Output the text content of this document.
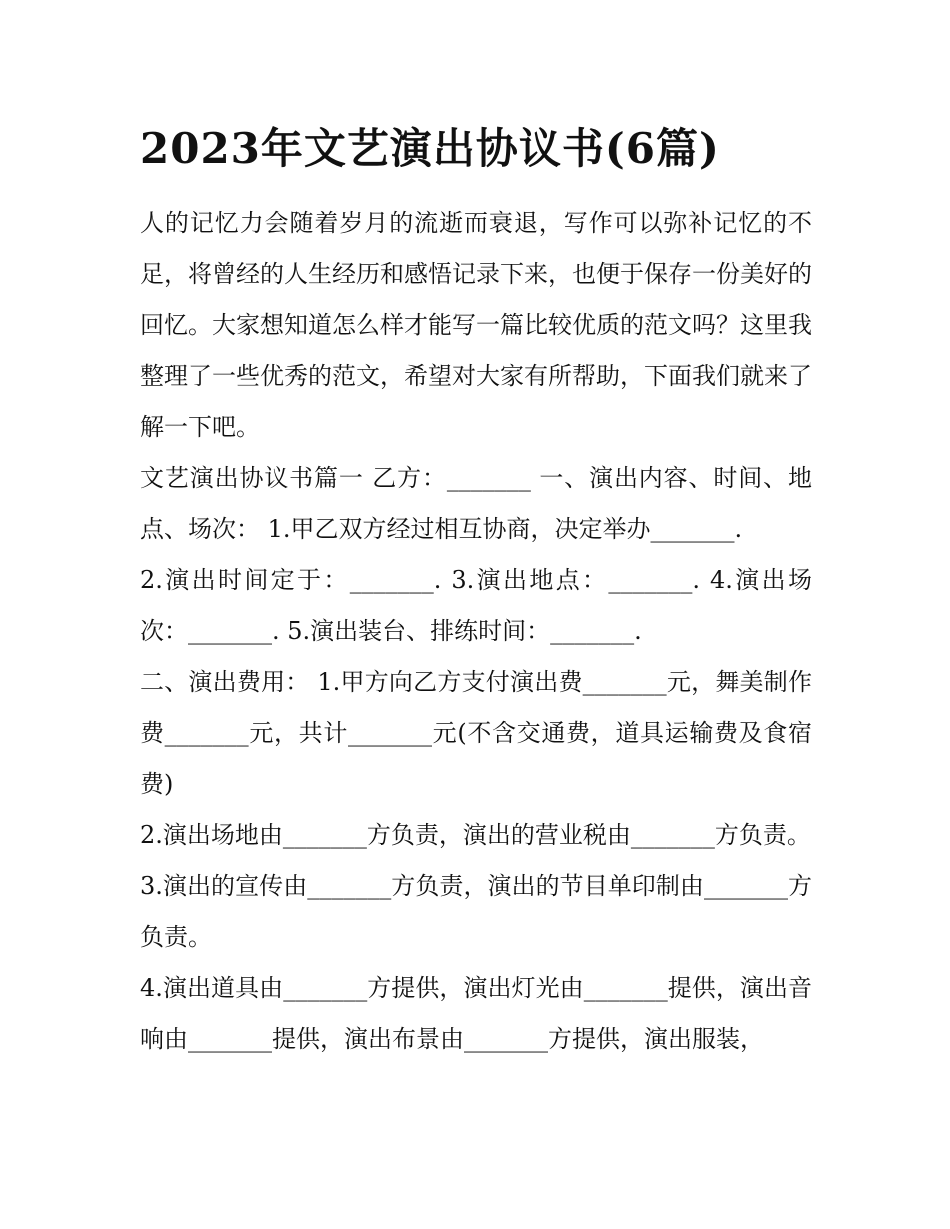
2023年文艺演出协议书(6篇)

人的记忆力会随着岁月的流逝而衰退，写作可以弥补记忆的不足，将曾经的人生经历和感悟记录下来，也便于保存一份美好的回忆。大家想知道怎么样才能写一篇比较优质的范文吗？这里我整理了一些优秀的范文，希望对大家有所帮助，下面我们就来了解一下吧。

文艺演出协议书篇一 乙方：_______ 一、演出内容、时间、地点、场次： 1.甲乙双方经过相互协商，决定举办_______.

2.演出时间定于：_______. 3.演出地点：_______. 4.演出场次：_______. 5.演出装台、排练时间：_______.

二、演出费用： 1.甲方向乙方支付演出费_______元，舞美制作费_______元，共计_______元(不含交通费，道具运输费及食宿费)

2.演出场地由_______方负责，演出的营业税由_______方负责。

3.演出的宣传由_______方负责，演出的节目单印制由_______方负责。

4.演出道具由_______方提供，演出灯光由_______提供，演出音响由_______提供，演出布景由_______方提供，演出服装，
